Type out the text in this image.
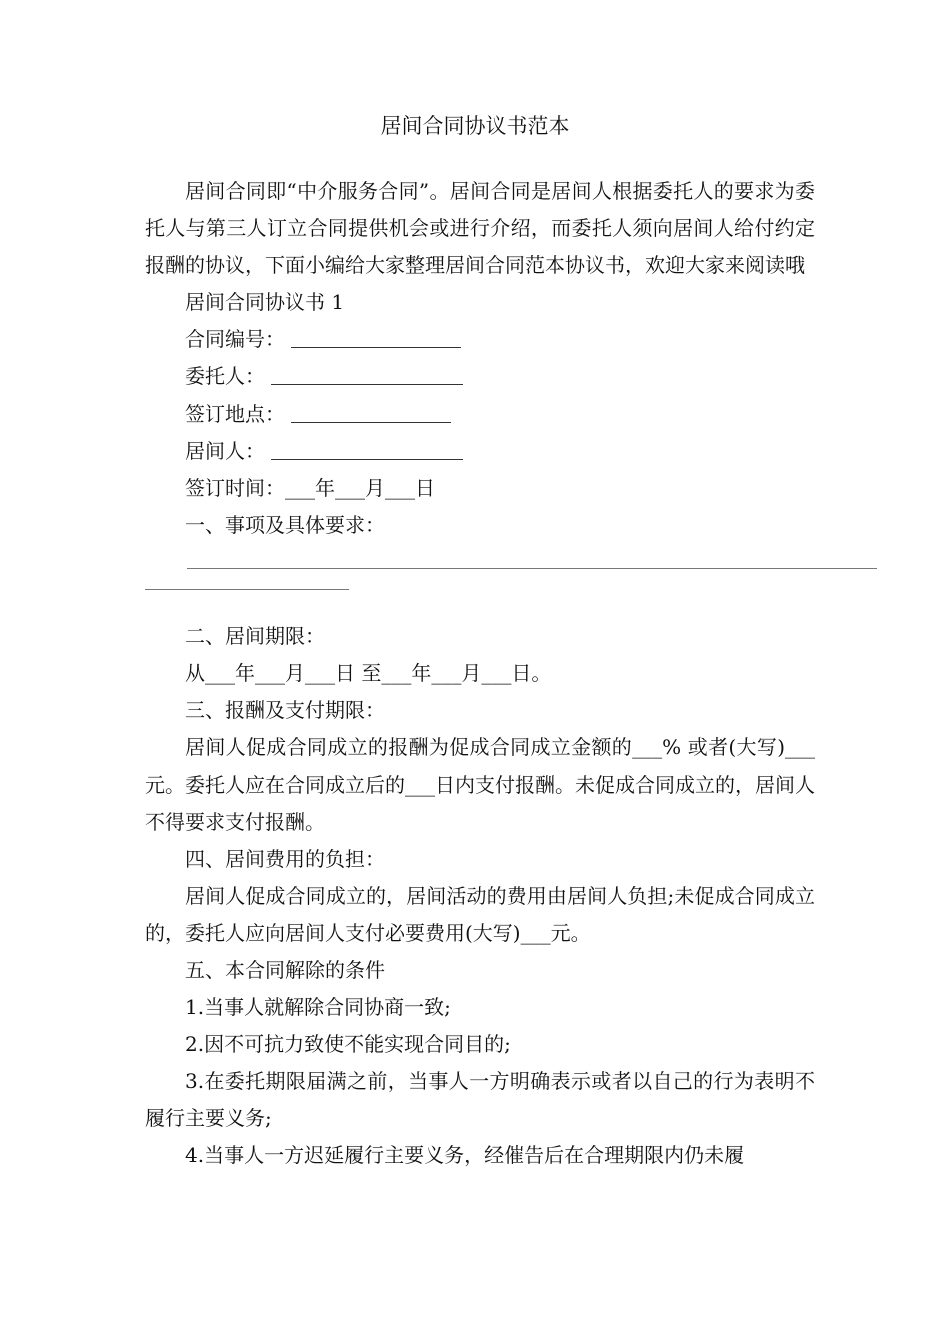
居间合同协议书范本

居间合同即“中介服务合同”。居间合同是居间人根据委托人的要求为委托人与第三人订立合同提供机会或进行介绍，而委托人须向居间人给付约定报酬的协议，下面小编给大家整理居间合同范本协议书，欢迎大家来阅读哦

居间合同协议书 1

合同编号：

委托人：

签订地点：

居间人：

签订时间：___年___月___日

一、事项及具体要求：

二、居间期限：

从___年___月___日 至___年___月___日。

三、报酬及支付期限：

居间人促成合同成立的报酬为促成合同成立金额的___% 或者(大写)___元。委托人应在合同成立后的___日内支付报酬。未促成合同成立的，居间人不得要求支付报酬。

四、居间费用的负担：

居间人促成合同成立的，居间活动的费用由居间人负担;未促成合同成立的，委托人应向居间人支付必要费用(大写)___元。

五、本合同解除的条件

1.当事人就解除合同协商一致;

2.因不可抗力致使不能实现合同目的;

3.在委托期限届满之前，当事人一方明确表示或者以自己的行为表明不履行主要义务;

4.当事人一方迟延履行主要义务，经催告后在合理期限内仍未履
